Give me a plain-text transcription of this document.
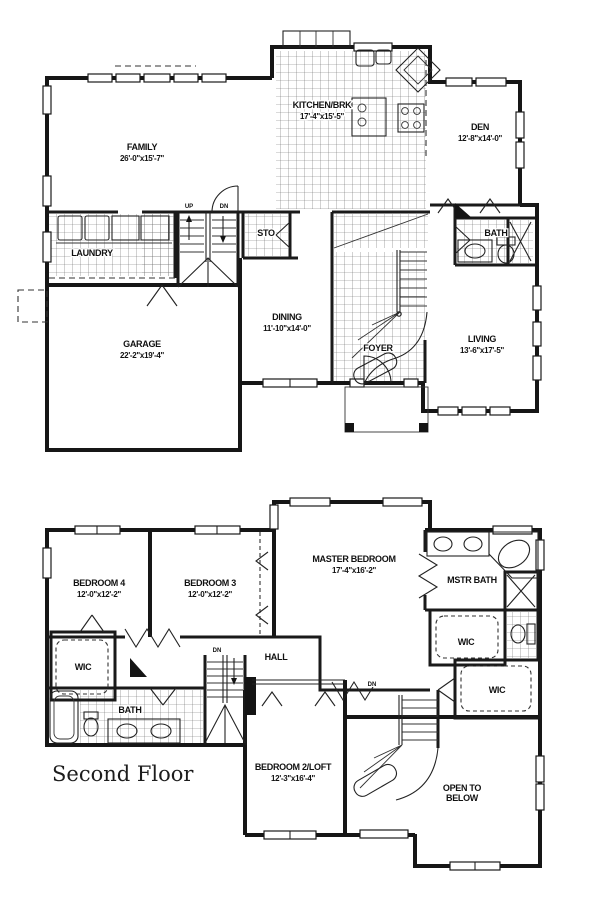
FAMILY
26'-0"x15'-7"
KITCHEN/BRK
17'-4"x15'-5"
DEN
12'-8"x14'-0"
LAUNDRY
STO
GARAGE
22'-2"x19'-4"
DINING
11'-10"x14'-0"
FOYER
BATH
LIVING
13'-6"x17'-5"
UP	DN
BEDROOM 4
12'-0"x12'-2"
BEDROOM 3
12'-0"x12'-2"
MASTER BEDROOM
17'-4"x16'-2"
MSTR BATH
WIC
WIC
WIC
HALL
BATH
BEDROOM 2/LOFT
12'-3"x16'-4"
OPEN TO
BELOW
DN
DN
Second Floor
